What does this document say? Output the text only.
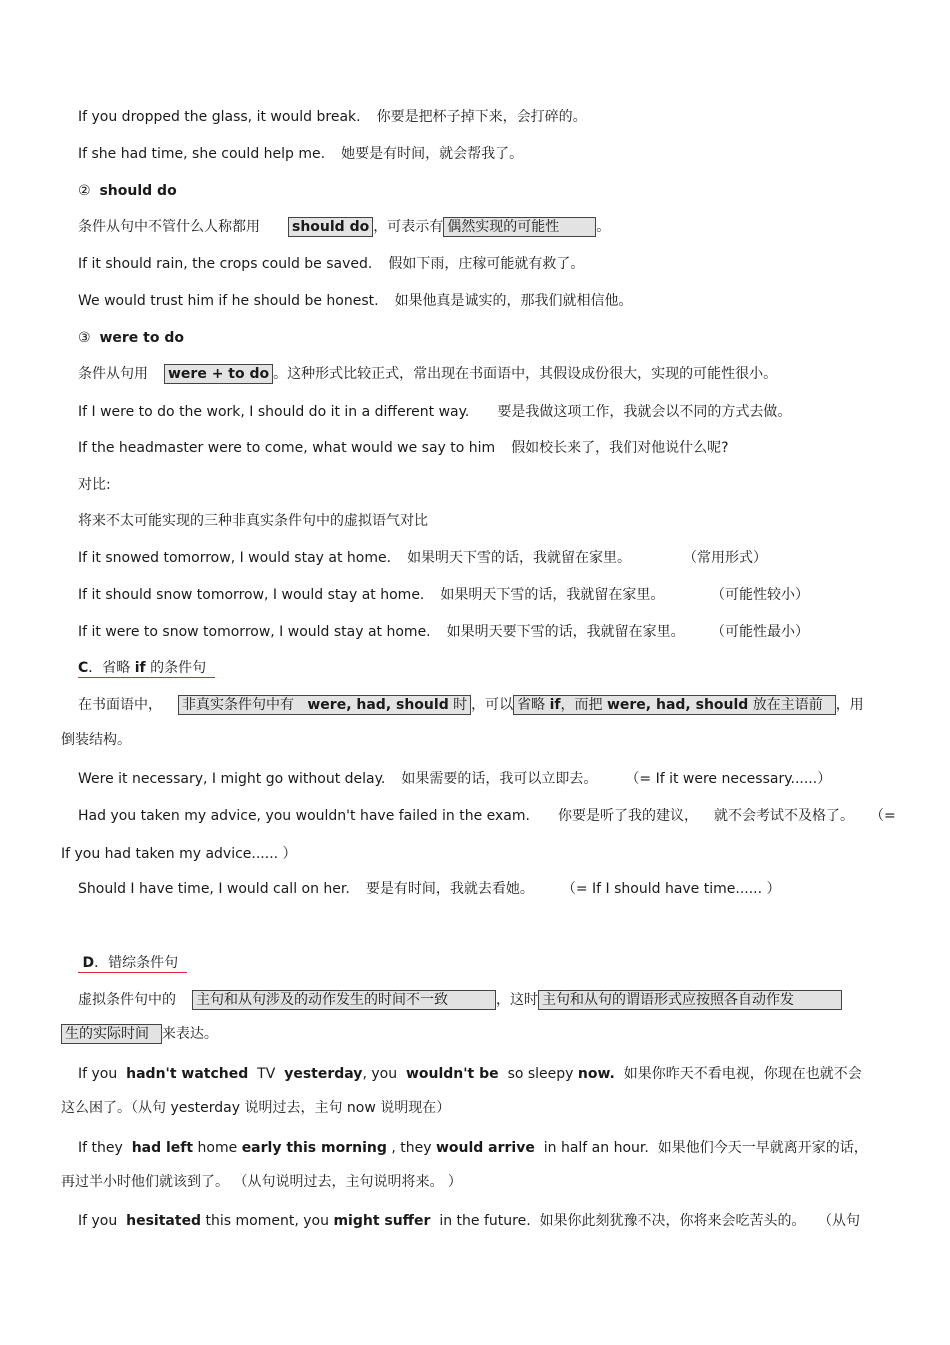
If you dropped the glass, it would break. 你要是把杯子掉下来，会打碎的。
If she had time, she could help me. 她要是有时间，就会帮我了。
② should do
条件从句中不管什么人称都用 should do ，可表示有 偶然实现的可能性	。
If it should rain, the crops could be saved. 假如下雨，庄稼可能就有救了。
We would trust him if he should be honest. 如果他真是诚实的，那我们就相信他。
③ were to do
条件从句用 were + to do 。这种形式比较正式，常出现在书面语中，其假设成份很大，实现的可能性很小。
If I were to do the work, I should do it in a different way. 要是我做这项工作，我就会以不同的方式去做。
If the headmaster were to come, what would we say to him 假如校长来了，我们对他说什么呢?
对比:
将来不太可能实现的三种非真实条件句中的虚拟语气对比
If it snowed tomorrow, I would stay at home. 如果明天下雪的话，我就留在家里。	（常用形式）
If it should snow tomorrow, I would stay at home. 如果明天下雪的话，我就留在家里。	（可能性较小）
If it were to snow tomorrow, I would stay at home. 如果明天要下雪的话，我就留在家里。 （可能性最小）
C．省略 if 的条件句
在书面语中， 非真实条件句中有 were, had, should 时 ，可以 省略 if，而把 were, had, should 放在主语前 ，用
倒装结构。
Were it necessary, I might go without delay. 如果需要的话，我可以立即去。 （= If it were necessary......）
Had you taken my advice, you wouldn't have failed in the exam. 你要是听了我的建议， 就不会考试不及格了。 （=
If you had taken my advice...... ）
Should I have time, I would call on her. 要是有时间，我就去看她。 （= If I should have time...... ）
D．错综条件句
虚拟条件句中的 主句和从句涉及的动作发生的时间不一致	，这时 主句和从句的谓语形式应按照各自动作发
生的实际时间 来表达。
If you hadn't watched TV yesterday, you wouldn't be so sleepy now. 如果你昨天不看电视，你现在也就不会
这么困了。（从句 yesterday 说明过去，主句 now 说明现在）
If they had left home early this morning , they would arrive in half an hour. 如果他们今天一早就离开家的话，
再过半小时他们就该到了。 （从句说明过去，主句说明将来。 ）
If you hesitated this moment, you might suffer in the future. 如果你此刻犹豫不决，你将来会吃苦头的。 （从句
